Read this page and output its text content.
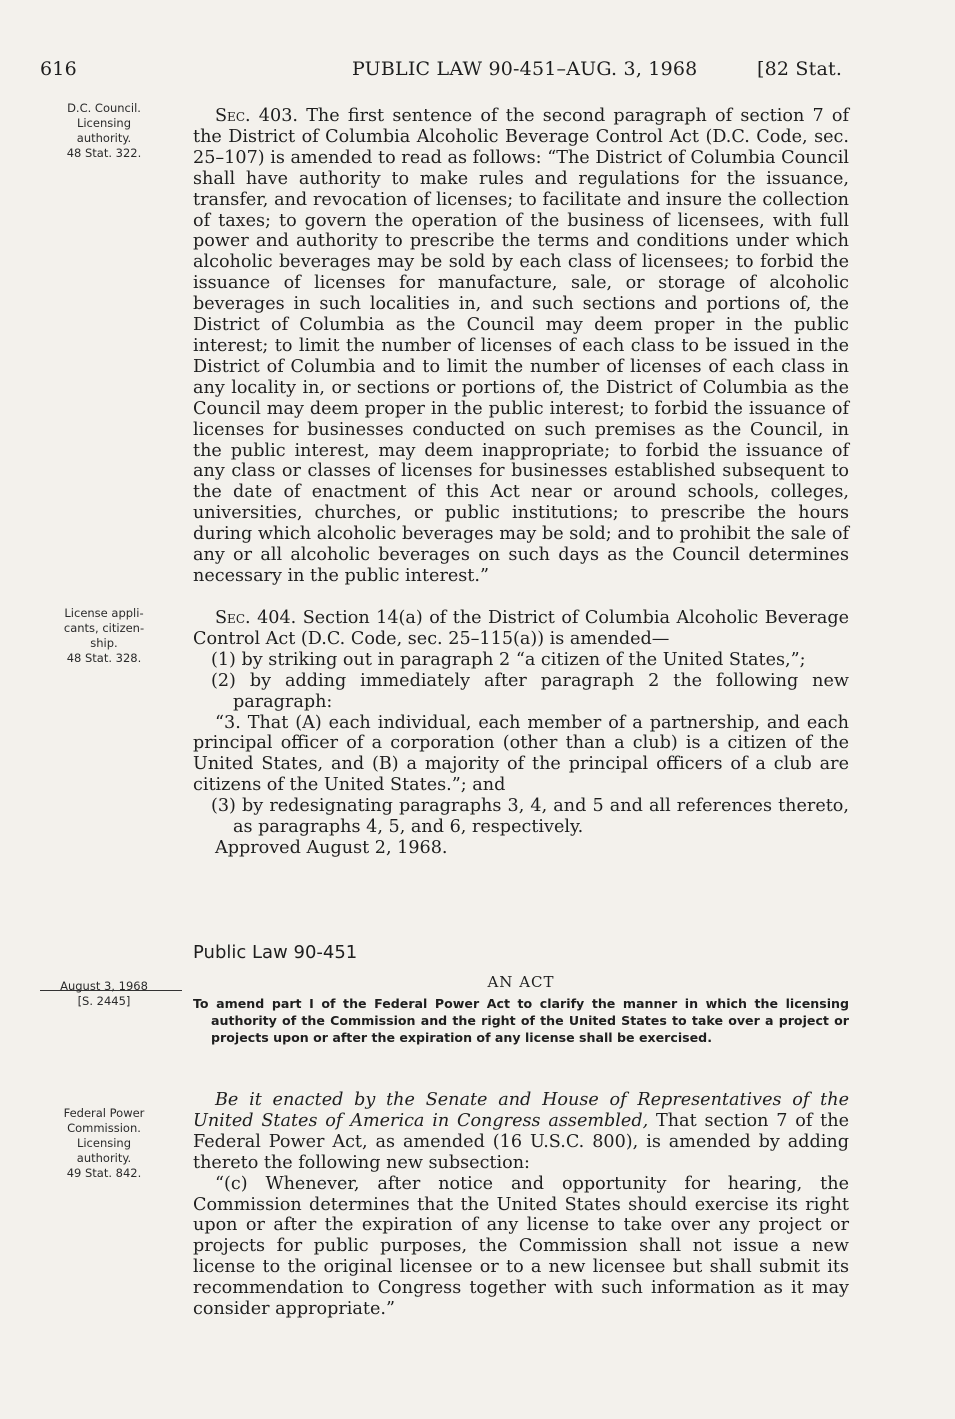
616	PUBLIC LAW 90-451–AUG. 3, 1968	[82 Stat.
D.C. Council.
Licensing
authority.
48 Stat. 322.
License appli-
cants, citizen-
ship.
48 Stat. 328.
August 3, 1968
[S. 2445]
Federal Power
Commission.
Licensing
authority.
49 Stat. 842.

Sec. 403. The first sentence of the second paragraph of section 7 of the District of Columbia Alcoholic Beverage Control Act (D.C. Code, sec. 25–107) is amended to read as follows: “The District of Columbia Council shall have authority to make rules and regulations for the issuance, transfer, and revocation of licenses; to facilitate and insure the collection of taxes; to govern the operation of the business of licensees, with full power and authority to prescribe the terms and conditions under which alcoholic beverages may be sold by each class of licensees; to forbid the issuance of licenses for manufacture, sale, or storage of alcoholic beverages in such localities in, and such sections and portions of, the District of Columbia as the Council may deem proper in the public interest; to limit the number of licenses of each class to be issued in the District of Columbia and to limit the number of licenses of each class in any locality in, or sections or portions of, the District of Columbia as the Council may deem proper in the public interest; to forbid the issuance of licenses for businesses conducted on such premises as the Council, in the public interest, may deem inappropriate; to forbid the issuance of any class or classes of licenses for businesses established subsequent to the date of enactment of this Act near or around schools, colleges, universities, churches, or public institutions; to prescribe the hours during which alcoholic beverages may be sold; and to prohibit the sale of any or all alcoholic beverages on such days as the Council determines necessary in the public interest.”

Sec. 404. Section 14(a) of the District of Columbia Alcoholic Beverage Control Act (D.C. Code, sec. 25–115(a)) is amended—

(1) by striking out in paragraph 2 “a citizen of the United States,”;

(2) by adding immediately after paragraph 2 the following new paragraph:

“3. That (A) each individual, each member of a partnership, and each principal officer of a corporation (other than a club) is a citizen of the United States, and (B) a majority of the principal officers of a club are citizens of the United States.”; and

(3) by redesignating paragraphs 3, 4, and 5 and all references thereto, as paragraphs 4, 5, and 6, respectively.

Approved August 2, 1968.

Public Law 90-451
AN ACT

To amend part I of the Federal Power Act to clarify the manner in which the licensing authority of the Commission and the right of the United States to take over a project or projects upon or after the expiration of any license shall be exercised.

Be it enacted by the Senate and House of Representatives of the United States of America in Congress assembled, That section 7 of the Federal Power Act, as amended (16 U.S.C. 800), is amended by adding thereto the following new subsection:

“(c) Whenever, after notice and opportunity for hearing, the Commission determines that the United States should exercise its right upon or after the expiration of any license to take over any project or projects for public purposes, the Commission shall not issue a new license to the original licensee or to a new licensee but shall submit its recommendation to Congress together with such information as it may consider appropriate.”
